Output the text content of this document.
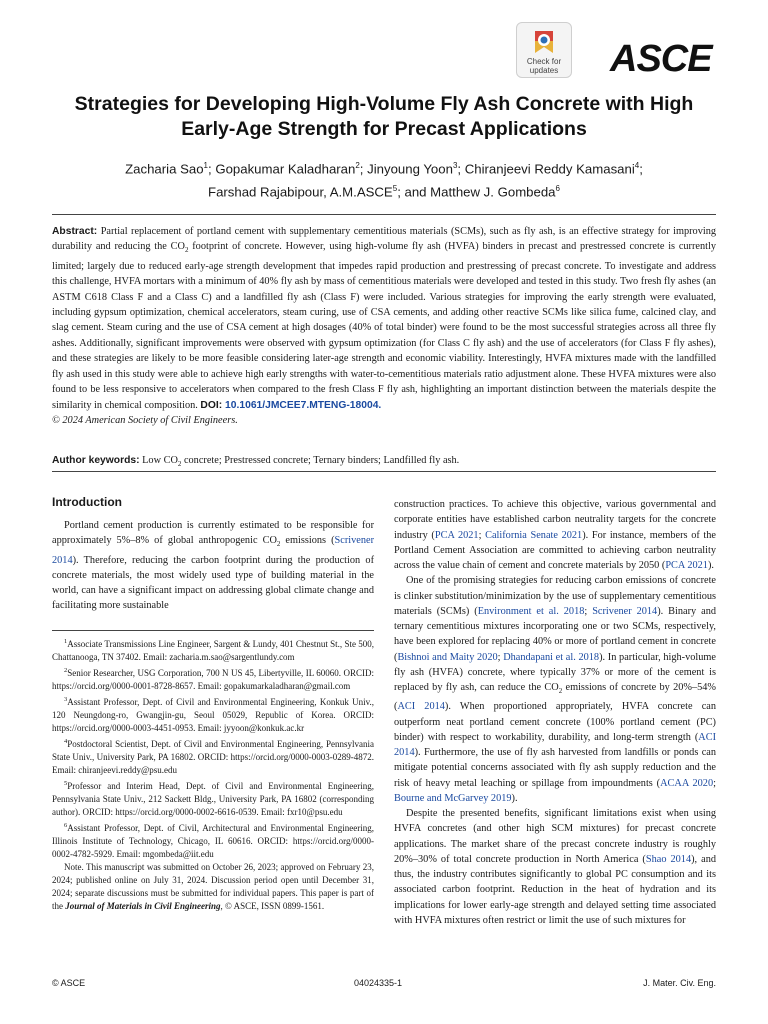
Check for updates	ASCE
Strategies for Developing High-Volume Fly Ash Concrete with High Early-Age Strength for Precast Applications
Zacharia Sao$^1$; Gopakumar Kaladharan$^2$; Jinyoung Yoon$^3$; Chiranjeevi Reddy Kamasani$^4$;
Farshad Rajabipour, A.M.ASCE$^5$; and Matthew J. Gombeda$^6$
Abstract: Partial replacement of portland cement with supplementary cementitious materials (SCMs), such as fly ash, is an effective strategy for improving durability and reducing the $CO_2$ footprint of concrete. However, using high-volume fly ash (HVFA) binders in precast and prestressed concrete is currently limited; largely due to reduced early-age strength development that impedes rapid production and prestressing of precast concrete. To investigate and address this challenge, HVFA mortars with a minimum of 40% fly ash by mass of cementitious materials were developed and tested in this study. Two fresh fly ashes (an ASTM C618 Class F and a Class C) and a landfilled fly ash (Class F) were included. Various strategies for improving the early strength were evaluated, including gypsum optimization, chemical accelerators, steam curing, use of CSA cements, and adding other reactive SCMs like silica fume, calcined clay, and slag cement. Steam curing and the use of CSA cement at high dosages (40% of total binder) were found to be the most successful strategies across all three fly ashes. Additionally, significant improvements were observed with gypsum optimization (for Class C fly ash) and the use of accelerators (for Class F fly ashes), and these strategies are likely to be more feasible considering later-age strength and economic viability. Interestingly, HVFA mixtures made with the landfilled fly ash used in this study were able to achieve high early strengths with water-to-cementitious materials ratio adjustment alone. These HVFA mixtures were also found to be less responsive to accelerators when compared to the fresh Class F fly ash, highlighting an important distinction between the materials despite the similarity in chemical composition. DOI: 10.1061/JMCEE7.MTENG-18004.
© 2024 American Society of Civil Engineers.
Author keywords: Low $CO_2$ concrete; Prestressed concrete; Ternary binders; Landfilled fly ash.
Introduction

Portland cement production is currently estimated to be responsible for approximately 5%–8% of global anthropogenic $CO_2$ emissions (Scrivener 2014). Therefore, reducing the carbon footprint during the production of concrete materials, the most widely used type of building material in the world, can have a significant impact on addressing global climate change and facilitating more sustainable

$^1$Associate Transmissions Line Engineer, Sargent & Lundy, 401 Chestnut St., Ste 500, Chattanooga, TN 37402. Email: zacharia.m.sao@sargentlundy.com

$^2$Senior Researcher, USG Corporation, 700 N US 45, Libertyville, IL 60060. ORCID: https://orcid.org/0000-0001-8728-8657. Email: gopakumarkaladharan@gmail.com

$^3$Assistant Professor, Dept. of Civil and Environmental Engineering, Konkuk Univ., 120 Neungdong-ro, Gwangjin-gu, Seoul 05029, Republic of Korea. ORCID: https://orcid.org/0000-0003-4451-0953. Email: jyyoon@konkuk.ac.kr

$^4$Postdoctoral Scientist, Dept. of Civil and Environmental Engineering, Pennsylvania State Univ., University Park, PA 16802. ORCID: https://orcid.org/0000-0003-0289-4872. Email: chiranjeevi.reddy@psu.edu

$^5$Professor and Interim Head, Dept. of Civil and Environmental Engineering, Pennsylvania State Univ., 212 Sackett Bldg., University Park, PA 16802 (corresponding author). ORCID: https://orcid.org/0000-0002-6616-0539. Email: fxr10@psu.edu

$^6$Assistant Professor, Dept. of Civil, Architectural and Environmental Engineering, Illinois Institute of Technology, Chicago, IL 60616. ORCID: https://orcid.org/0000-0002-4782-5929. Email: mgombeda@iit.edu

Note. This manuscript was submitted on October 26, 2023; approved on February 23, 2024; published online on July 31, 2024. Discussion period open until December 31, 2024; separate discussions must be submitted for individual papers. This paper is part of the Journal of Materials in Civil Engineering, © ASCE, ISSN 0899-1561.

construction practices. To achieve this objective, various governmental and corporate entities have established carbon neutrality targets for the concrete industry (PCA 2021; California Senate 2021). For instance, members of the Portland Cement Association are committed to achieving carbon neutrality across the value chain of cement and concrete materials by 2050 (PCA 2021).

One of the promising strategies for reducing carbon emissions of concrete is clinker substitution/minimization by the use of supplementary cementitious materials (SCMs) (Environment et al. 2018; Scrivener 2014). Binary and ternary cementitious mixtures incorporating one or two SCMs, respectively, have been explored for replacing 40% or more of portland cement in concrete (Bishnoi and Maity 2020; Dhandapani et al. 2018). In particular, high-volume fly ash (HVFA) concrete, where typically 37% or more of the cement is replaced by fly ash, can reduce the $CO_2$ emissions of concrete by 20%–54% (ACI 2014). When proportioned appropriately, HVFA concrete can outperform neat portland cement concrete (100% portland cement (PC) binder) with respect to workability, durability, and long-term strength (ACI 2014). Furthermore, the use of fly ash harvested from landfills or ponds can mitigate potential concerns associated with fly ash supply reduction and the risk of heavy metal leaching or spillage from impoundments (ACAA 2020; Bourne and McGarvey 2019).

Despite the presented benefits, significant limitations exist when using HVFA concretes (and other high SCM mixtures) for precast concrete applications. The market share of the precast concrete industry is roughly 20%–30% of total concrete production in North America (Shao 2014), and thus, the industry contributes significantly to global PC consumption and its associated carbon footprint. Reduction in the heat of hydration and its implications for lower early-age strength and delayed setting time associated with HVFA mixtures often restrict or limit the use of such mixtures for

© ASCE	04024335-1	J. Mater. Civ. Eng.
